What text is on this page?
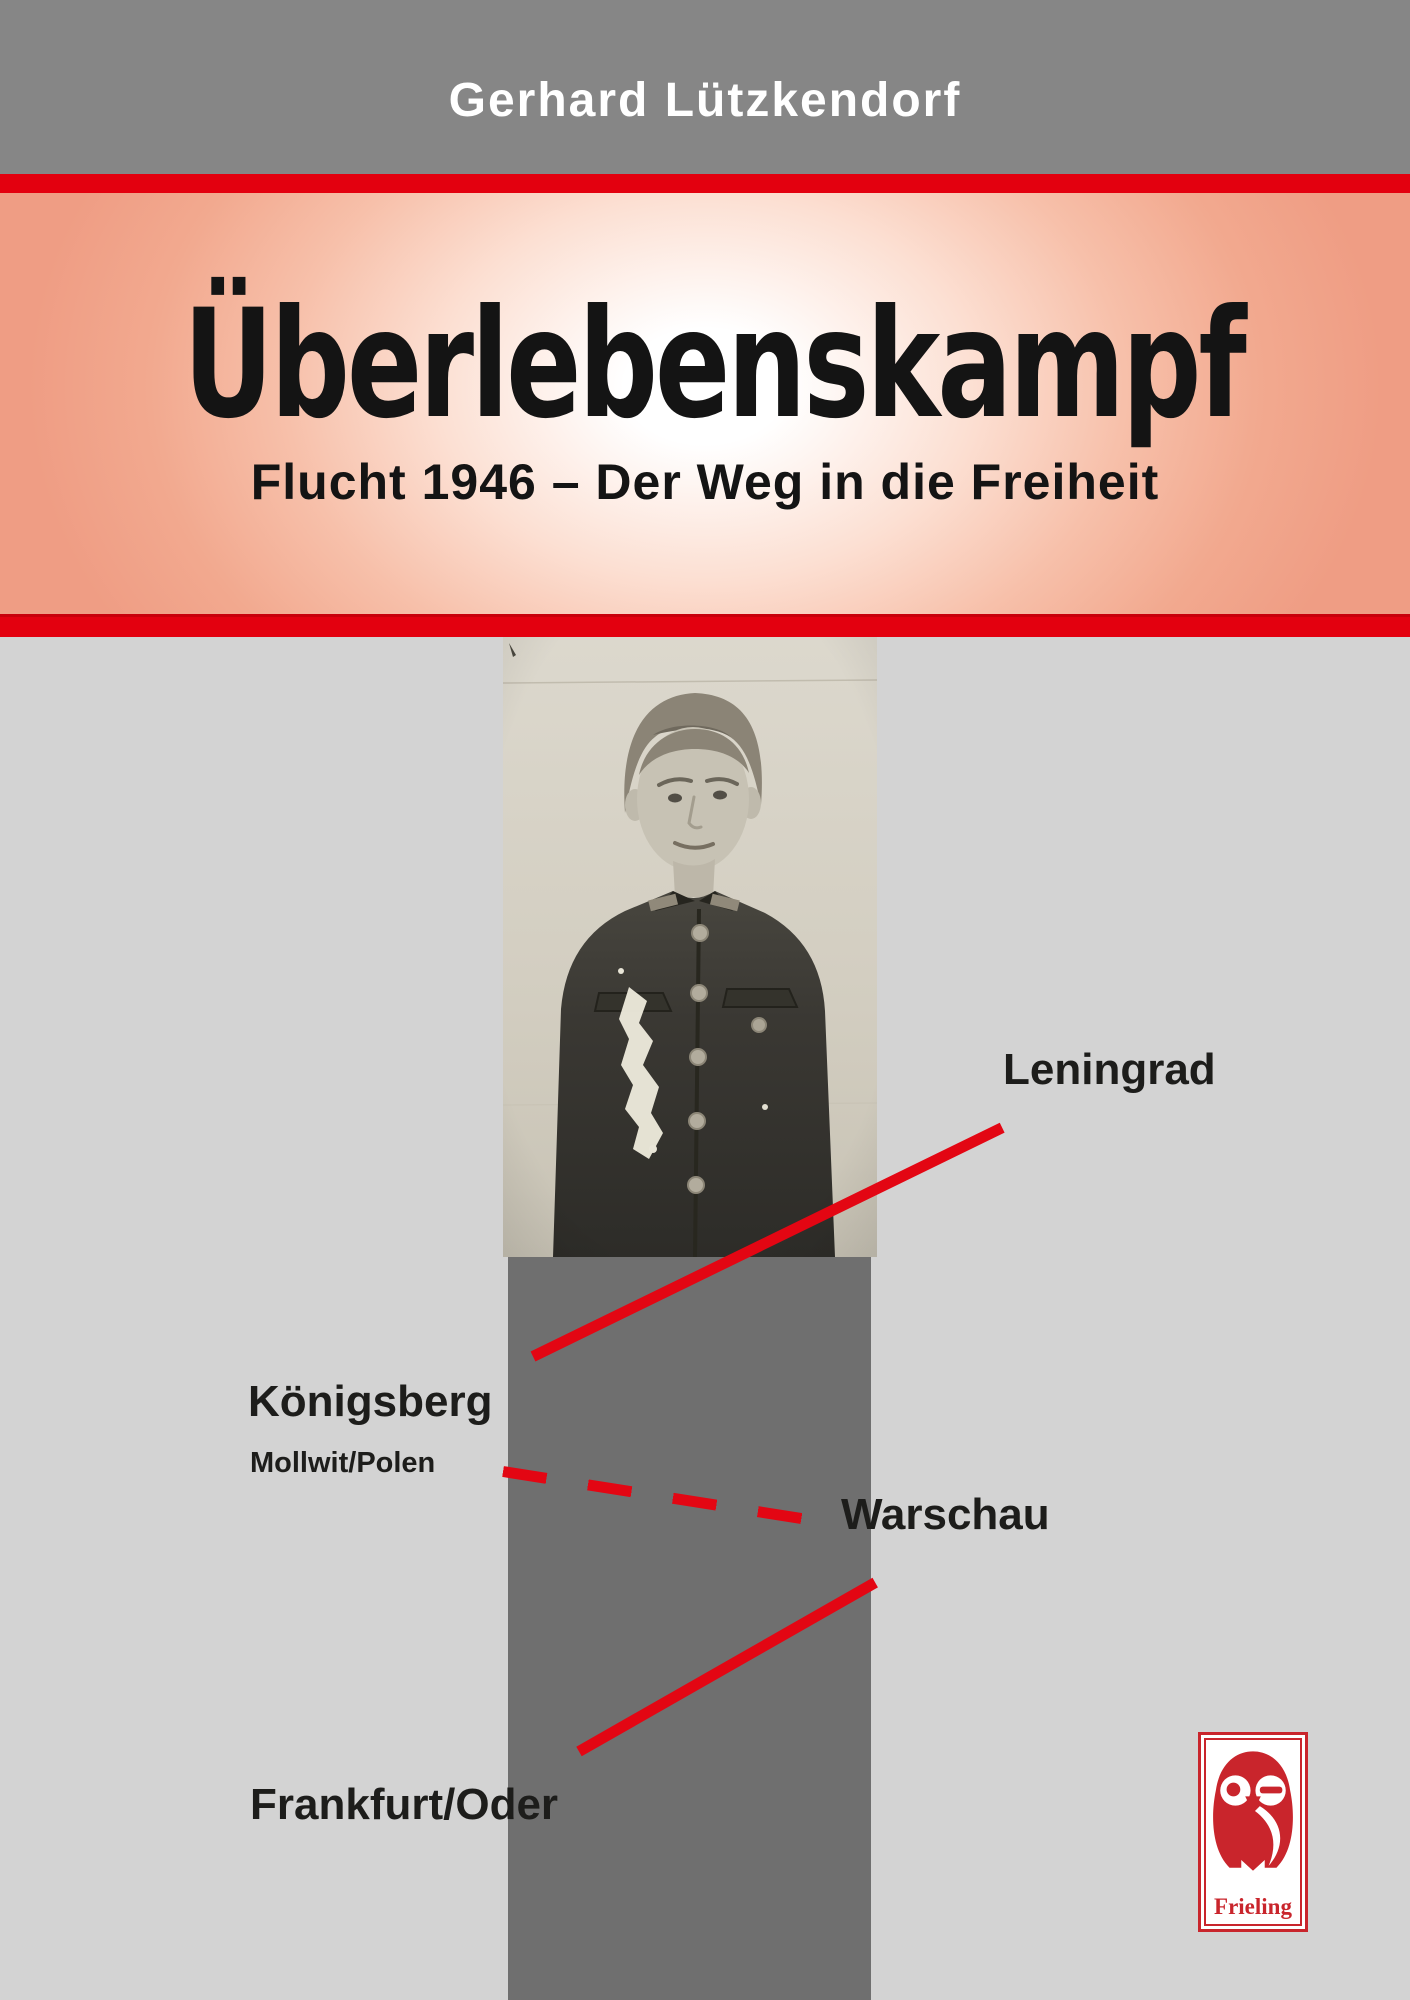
Gerhard Lützkendorf
Überlebenskampf
Flucht 1946 – Der Weg in die Freiheit
Leningrad
Königsberg
Mollwit/Polen
Warschau
Frankfurt/Oder
Frieling
